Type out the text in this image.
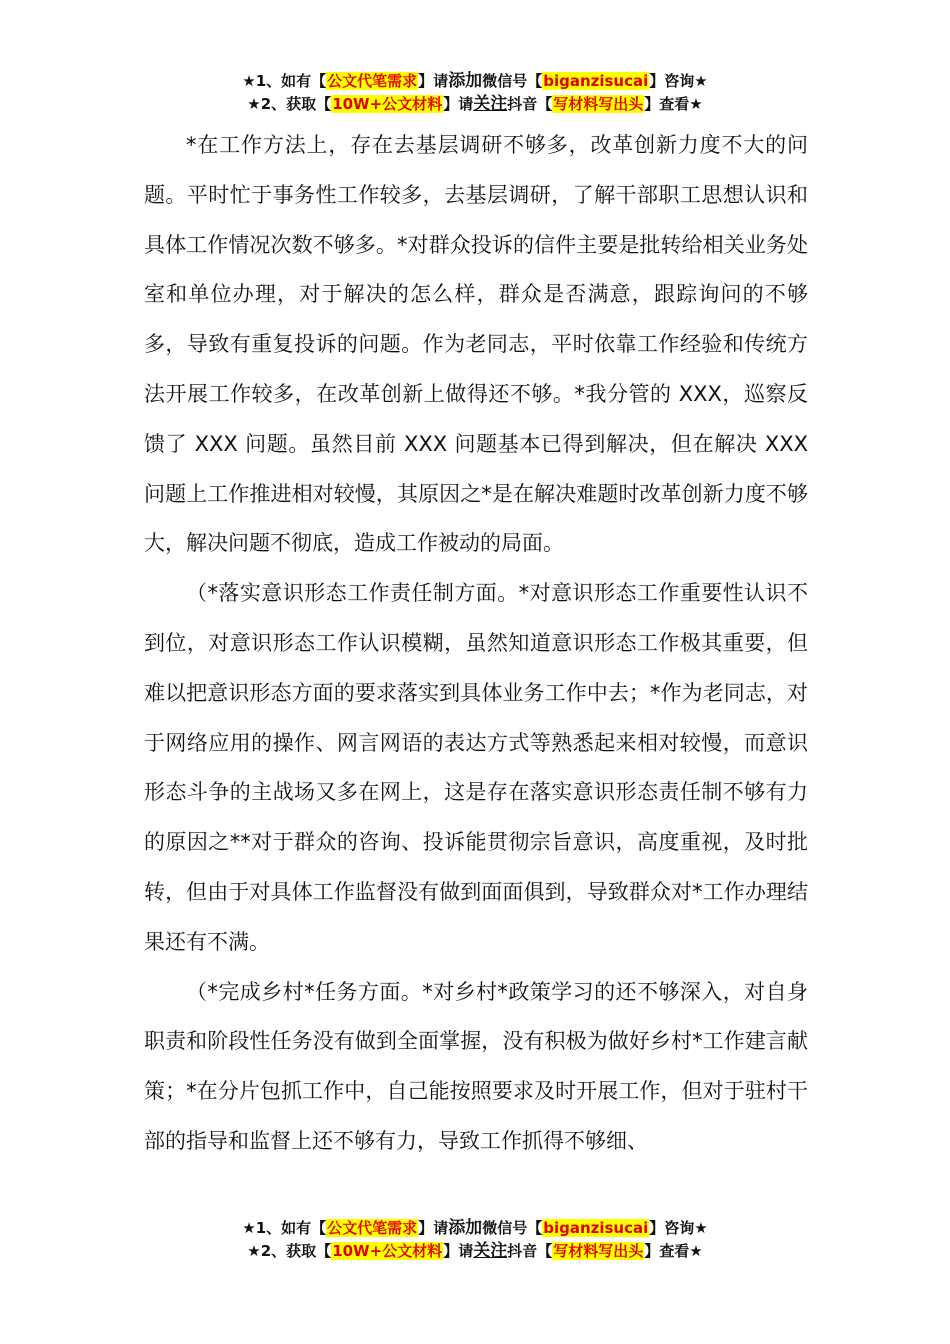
★1、如有【公文代笔需求】请添加微信号【biganzisucai】咨询★
★2、获取【10W+公文材料】请关注抖音【写材料写出头】查看★

*在工作方法上，存在去基层调研不够多，改革创新力度不大的问题。平时忙于事务性工作较多，去基层调研，了解干部职工思想认识和具体工作情况次数不够多。*对群众投诉的信件主要是批转给相关业务处室和单位办理，对于解决的怎么样，群众是否满意，跟踪询问的不够多，导致有重复投诉的问题。作为老同志，平时依靠工作经验和传统方法开展工作较多，在改革创新上做得还不够。*我分管的 XXX，巡察反馈了 XXX 问题。虽然目前 XXX 问题基本已得到解决，但在解决 XXX 问题上工作推进相对较慢，其原因之*是在解决难题时改革创新力度不够大，解决问题不彻底，造成工作被动的局面。

（*落实意识形态工作责任制方面。*对意识形态工作重要性认识不到位，对意识形态工作认识模糊，虽然知道意识形态工作极其重要，但难以把意识形态方面的要求落实到具体业务工作中去；*作为老同志，对于网络应用的操作、网言网语的表达方式等熟悉起来相对较慢，而意识形态斗争的主战场又多在网上，这是存在落实意识形态责任制不够有力的原因之**对于群众的咨询、投诉能贯彻宗旨意识，高度重视，及时批转，但由于对具体工作监督没有做到面面俱到，导致群众对*工作办理结果还有不满。

（*完成乡村*任务方面。*对乡村*政策学习的还不够深入，对自身职责和阶段性任务没有做到全面掌握，没有积极为做好乡村*工作建言献策；*在分片包抓工作中，自己能按照要求及时开展工作，但对于驻村干部的指导和监督上还不够有力，导致工作抓得不够细、

★1、如有【公文代笔需求】请添加微信号【biganzisucai】咨询★
★2、获取【10W+公文材料】请关注抖音【写材料写出头】查看★
